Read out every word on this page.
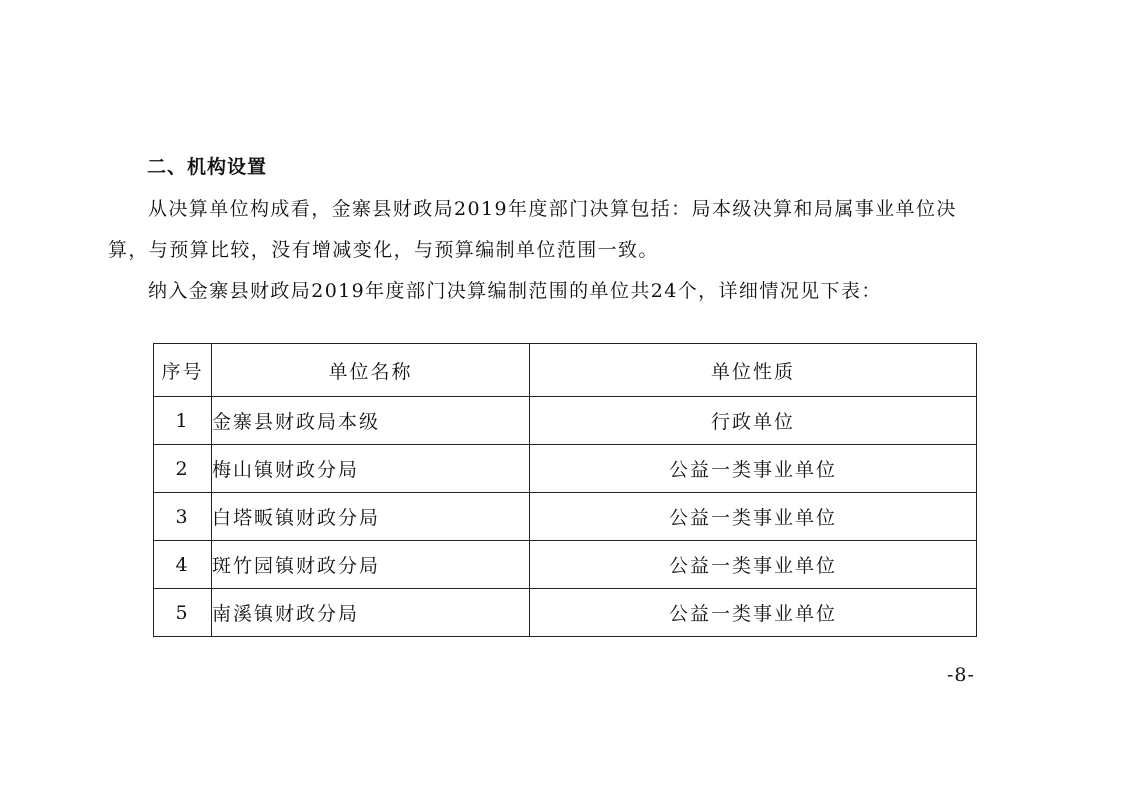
二、机构设置
从决算单位构成看，金寨县财政局2019年度部门决算包括：局本级决算和局属事业单位决算，与预算比较，没有增减变化，与预算编制单位范围一致。
纳入金寨县财政局2019年度部门决算编制范围的单位共24个，详细情况见下表：
序号	单位名称	单位性质
1	金寨县财政局本级	行政单位
2	梅山镇财政分局	公益一类事业单位
3	白塔畈镇财政分局	公益一类事业单位
4	斑竹园镇财政分局	公益一类事业单位
5	南溪镇财政分局	公益一类事业单位
-8-
